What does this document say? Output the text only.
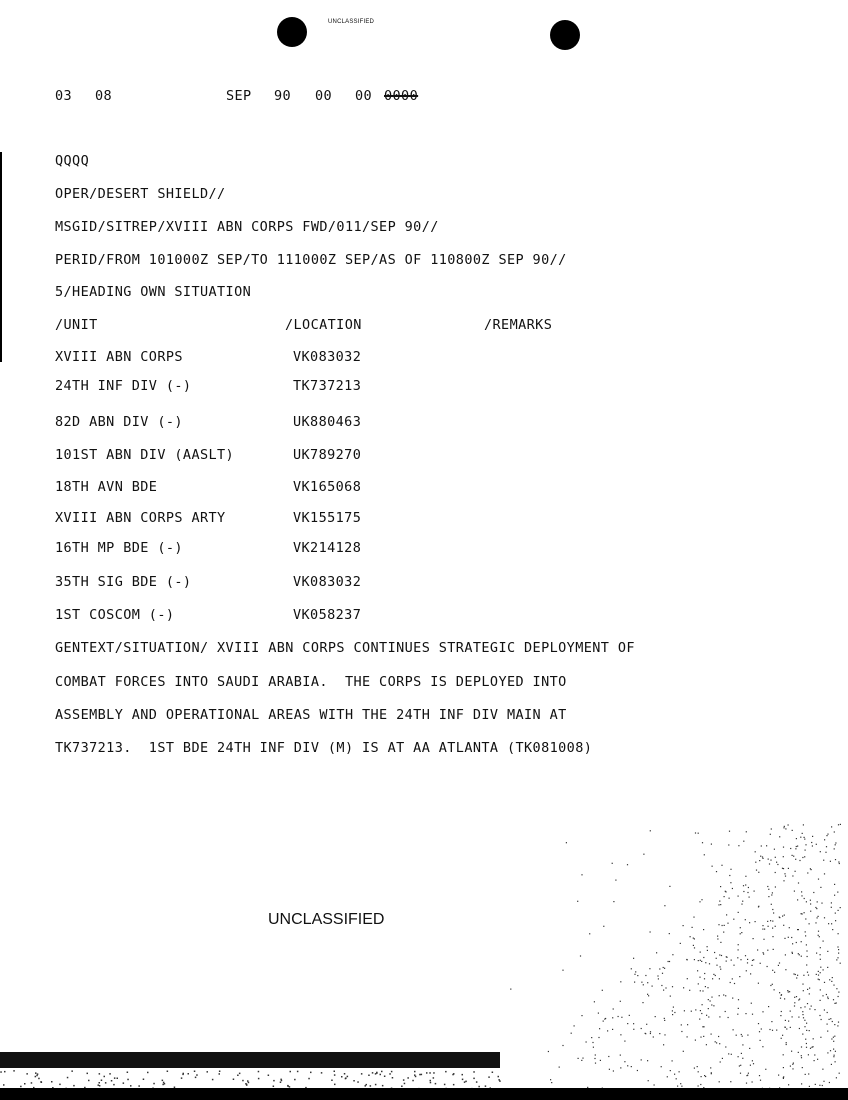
UNCLASSIFIED
03 08	SEP 90 00 00 0000
QQQQ
OPER/DESERT SHIELD//
MSGID/SITREP/XVIII ABN CORPS FWD/011/SEP 90//
PERID/FROM 101000Z SEP/TO 111000Z SEP/AS OF 110800Z SEP 90//
5/HEADING OWN SITUATION
/UNIT	/LOCATION	/REMARKS
XVIII ABN CORPS	VK083032
24TH INF DIV (-)	TK737213
82D ABN DIV (-)	UK880463
101ST ABN DIV (AASLT)	UK789270
18TH AVN BDE	VK165068
XVIII ABN CORPS ARTY	VK155175
16TH MP BDE (-)	VK214128
35TH SIG BDE (-)	VK083032
1ST COSCOM (-)	VK058237
GENTEXT/SITUATION/ XVIII ABN CORPS CONTINUES STRATEGIC DEPLOYMENT OF
COMBAT FORCES INTO SAUDI ARABIA.  THE CORPS IS DEPLOYED INTO
ASSEMBLY AND OPERATIONAL AREAS WITH THE 24TH INF DIV MAIN AT
TK737213.  1ST BDE 24TH INF DIV (M) IS AT AA ATLANTA (TK081008)
UNCLASSIFIED
